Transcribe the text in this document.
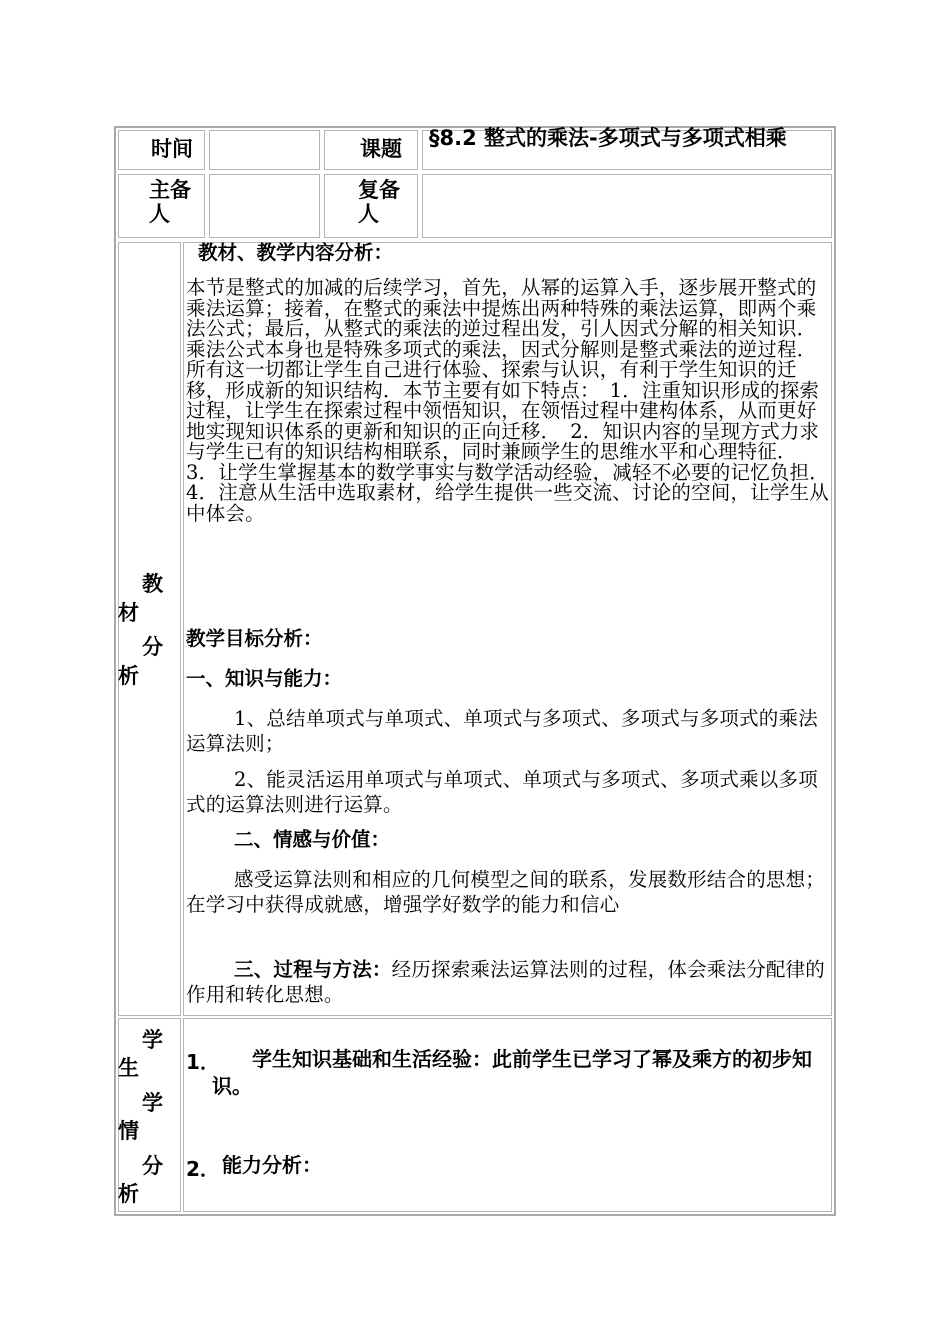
时间	课题 §8.2 整式的乘法-多项式与多项式相乘
主备人
复备人
教
材
分
析

教材、教学内容分析：

本节是整式的加减的后续学习，首先，从幂的运算入手，逐步展开整式的乘法运算；接着，在整式的乘法中提炼出两种特殊的乘法运算，即两个乘法公式；最后，从整式的乘法的逆过程出发，引人因式分解的相关知识．乘法公式本身也是特殊多项式的乘法，因式分解则是整式乘法的逆过程．所有这一切都让学生自己进行体验、探索与认识，有利于学生知识的迁移，形成新的知识结构．本节主要有如下特点：　1．注重知识形成的探索过程，让学生在探索过程中领悟知识，在领悟过程中建构体系，从而更好地实现知识体系的更新和知识的正向迁移．　2．知识内容的呈现方式力求与学生已有的知识结构相联系，同时兼顾学生的思维水平和心理特征．　3．让学生掌握基本的数学事实与数学活动经验，减轻不必要的记忆负担．　4．注意从生活中选取素材，给学生提供一些交流、讨论的空间，让学生从中体会。

教学目标分析：

一、知识与能力：

1、总结单项式与单项式、单项式与多项式、多项式与多项式的乘法运算法则；

2、能灵活运用单项式与单项式、单项式与多项式、多项式乘以多项式的运算法则进行运算。

二、情感与价值：

感受运算法则和相应的几何模型之间的联系，发展数形结合的思想；在学习中获得成就感，增强学好数学的能力和信心

三、过程与方法：经历探索乘法运算法则的过程，体会乘法分配律的作用和转化思想。
学
生
学
情
分
析
1．	学生知识基础和生活经验：此前学生已学习了幂及乘方的初步知识。

2． 能力分析：
